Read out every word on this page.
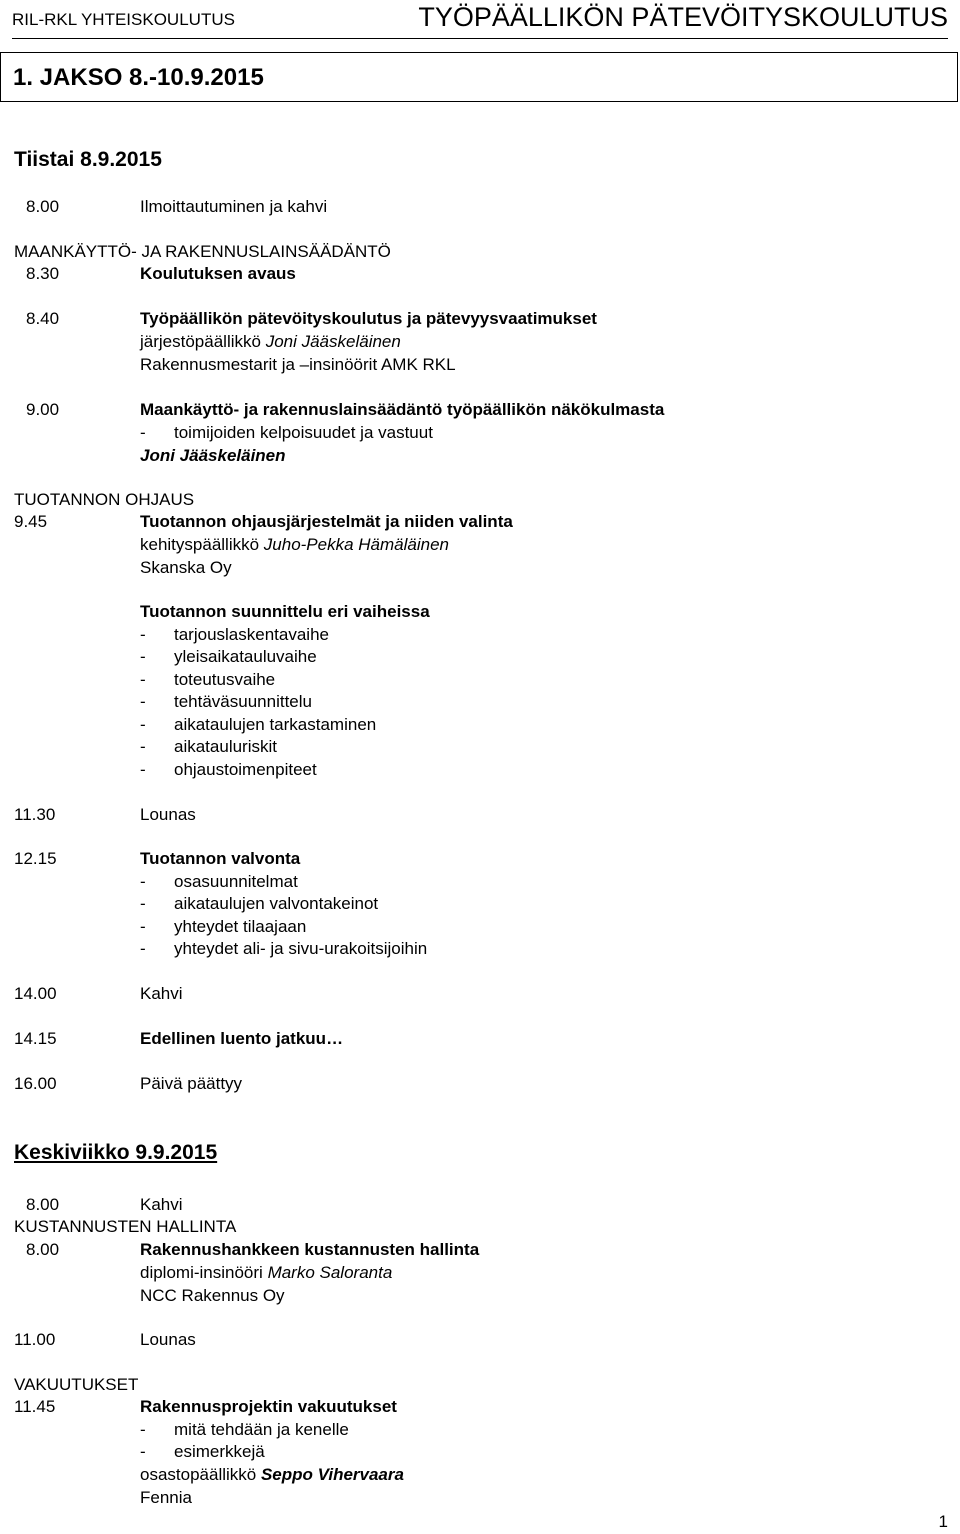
RIL-RKL YHTEISKOULUTUS	TYÖPÄÄLLIKÖN PÄTEVÖITYSKOULUTUS
1. JAKSO 8.-10.9.2015
Tiistai 8.9.2015
8.00	Ilmoittautuminen ja kahvi
MAANKÄYTTÖ- JA RAKENNUSLAINSÄÄDÄNTÖ
8.30	Koulutuksen avaus
8.40	Työpäällikön pätevöityskoulutus ja pätevyysvaatimukset
järjestöpäällikkö Joni Jääskeläinen
Rakennusmestarit ja –insinöörit AMK RKL
9.00	Maankäyttö- ja rakennuslainsäädäntö työpäällikön näkökulmasta
- toimijoiden kelpoisuudet ja vastuut
Joni Jääskeläinen
TUOTANNON OHJAUS
9.45	Tuotannon ohjausjärjestelmät ja niiden valinta
kehityspäällikkö Juho-Pekka Hämäläinen
Skanska Oy
Tuotannon suunnittelu eri vaiheissa
- tarjouslaskentavaihe
- yleisaikatauluvaihe
- toteutusvaihe
- tehtäväsuunnittelu
- aikataulujen tarkastaminen
- aikatauluriskit
- ohjaustoimenpiteet
11.30	Lounas
12.15	Tuotannon valvonta
- osasuunnitelmat
- aikataulujen valvontakeinot
- yhteydet tilaajaan
- yhteydet ali- ja sivu-urakoitsijoihin
14.00	Kahvi
14.15	Edellinen luento jatkuu…
16.00	Päivä päättyy
Keskiviikko 9.9.2015
8.00	Kahvi
KUSTANNUSTEN HALLINTA
8.00	Rakennushankkeen kustannusten hallinta
diplomi-insinööri Marko Saloranta
NCC Rakennus Oy
11.00	Lounas
VAKUUTUKSET
11.45	Rakennusprojektin vakuutukset
- mitä tehdään ja kenelle
- esimerkkejä
osastopäällikkö Seppo Vihervaara
Fennia
1
